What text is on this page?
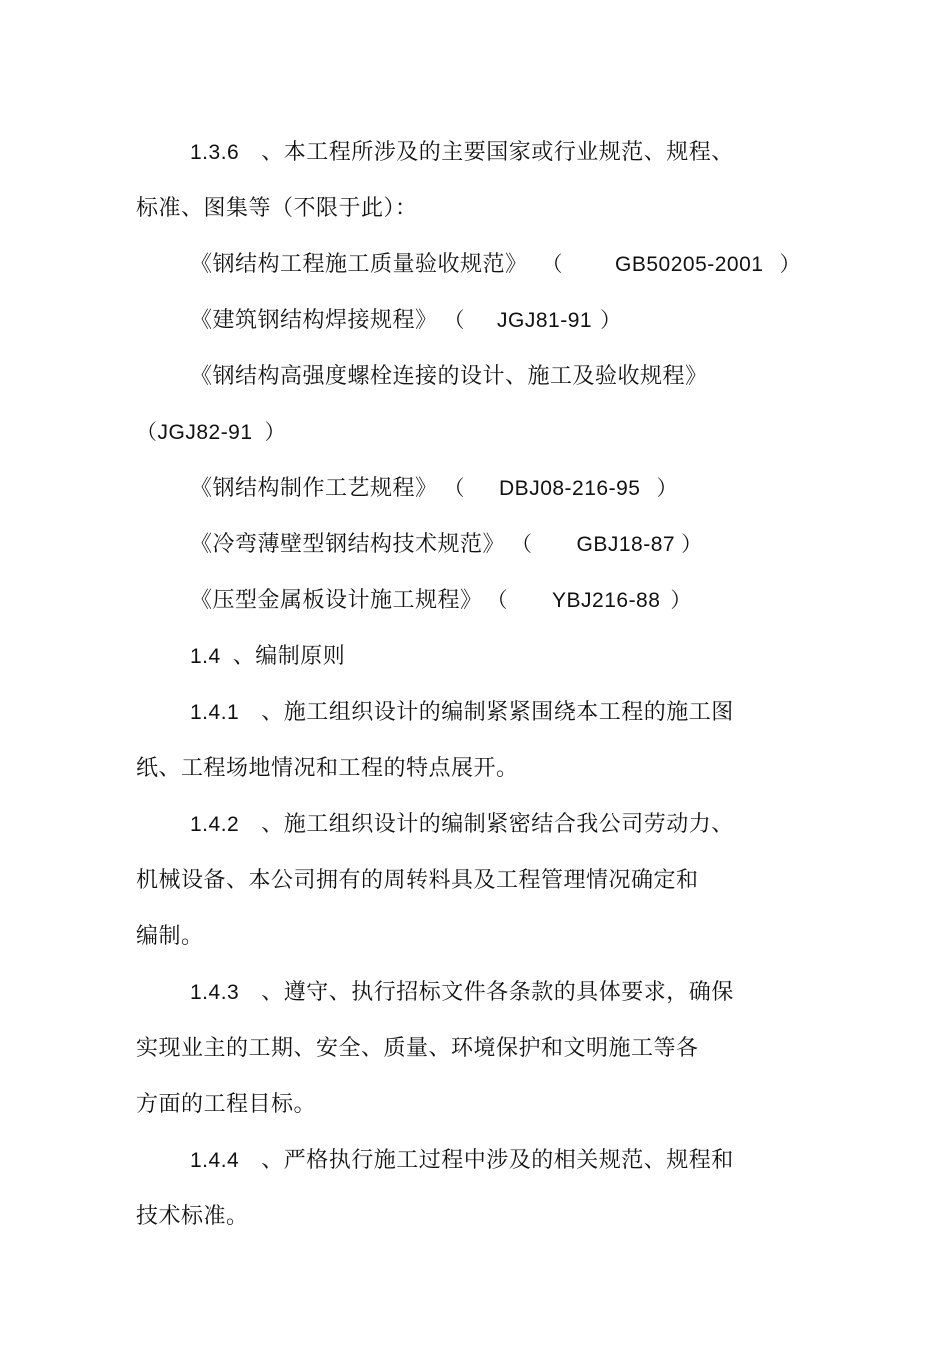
1.3.6 、本工程所涉及的主要国家或行业规范、规程、
标准、图集等（不限于此）：
《钢结构工程施工质量验收规范》 （ GB50205-2001 ）
《建筑钢结构焊接规程》 （ JGJ81-91 ）
《钢结构高强度螺栓连接的设计、施工及验收规程》
（JGJ82-91 ）
《钢结构制作工艺规程》 （ DBJ08-216-95 ）
《冷弯薄壁型钢结构技术规范》 （ GBJ18-87 ）
《压型金属板设计施工规程》 （ YBJ216-88 ）
1.4 、编制原则
1.4.1 、施工组织设计的编制紧紧围绕本工程的施工图
纸、工程场地情况和工程的特点展开。
1.4.2 、施工组织设计的编制紧密结合我公司劳动力、
机械设备、本公司拥有的周转料具及工程管理情况确定和
编制。
1.4.3 、遵守、执行招标文件各条款的具体要求，确保
实现业主的工期、安全、质量、环境保护和文明施工等各
方面的工程目标。
1.4.4 、严格执行施工过程中涉及的相关规范、规程和
技术标准。
